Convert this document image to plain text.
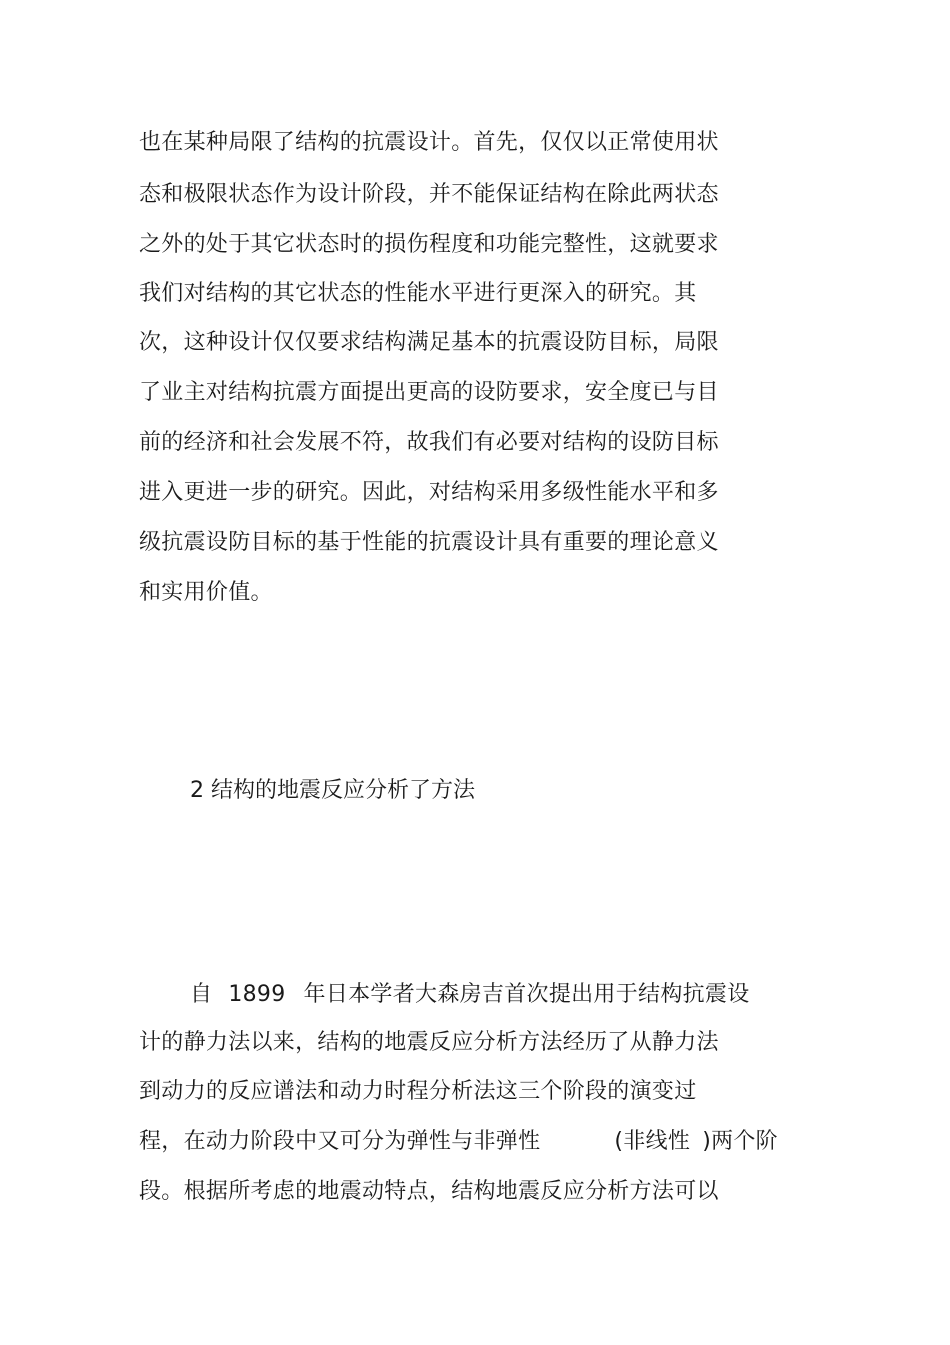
也在某种局限了结构的抗震设计。首先，仅仅以正常使用状
态和极限状态作为设计阶段，并不能保证结构在除此两状态
之外的处于其它状态时的损伤程度和功能完整性，这就要求
我们对结构的其它状态的性能水平进行更深入的研究。其
次，这种设计仅仅要求结构满足基本的抗震设防目标，局限
了业主对结构抗震方面提出更高的设防要求，安全度已与目
前的经济和社会发展不符，故我们有必要对结构的设防目标
进入更进一步的研究。因此，对结构采用多级性能水平和多
级抗震设防目标的基于性能的抗震设计具有重要的理论意义
和实用价值。
2 结构的地震反应分析了方法
自 1899 年日本学者大森房吉首次提出用于结构抗震设
计的静力法以来，结构的地震反应分析方法经历了从静力法
到动力的反应谱法和动力时程分析法这三个阶段的演变过
程，在动力阶段中又可分为弹性与非弹性	(非线性 )两个阶
段。根据所考虑的地震动特点，结构地震反应分析方法可以
